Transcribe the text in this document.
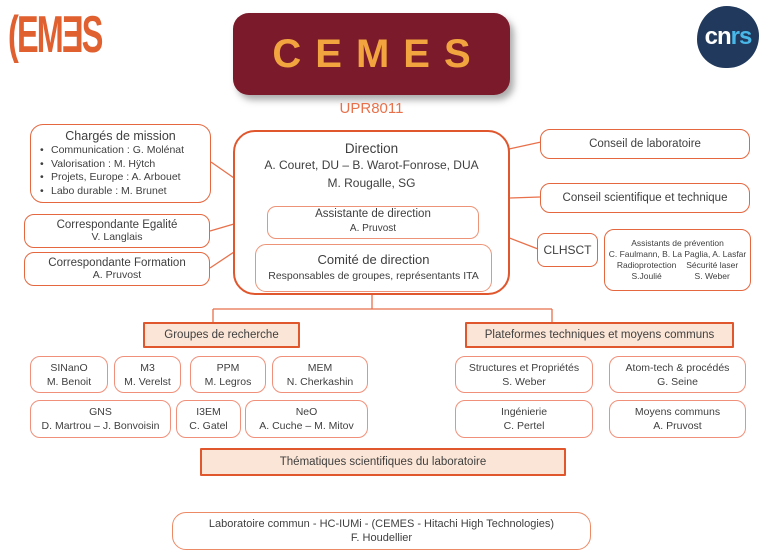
(EMƎS	CEMES
UPR8011
cn rs
Chargés de mission
• Communication : G. Molénat
• Valorisation : M. Hÿtch
• Projets, Europe : A. Arbouet
• Labo durable : M. Brunet
Correspondante Egalité
V. Langlais
Correspondante Formation
A. Pruvost
Direction
A. Couret, DU – B. Warot-Fonrose, DUA
M. Rougalle, SG
Assistante de direction
A. Pruvost
Comité de direction
Responsables de groupes, représentants ITA
Conseil de laboratoire
Conseil scientifique et technique
CLHSCT	Assistants de prévention
C. Faulmann, B. La Paglia, A. Lasfar
Radioprotection
S.Joulié
Sécurité laser
S. Weber
Groupes de recherche	Plateformes techniques et moyens communs
SINanO
M. Benoit
M3
M. Verelst
PPM
M. Legros
MEM
N. Cherkashin
GNS
D. Martrou – J. Bonvoisin
I3EM
C. Gatel
NeO
A. Cuche – M. Mitov
Structures et Propriétés
S. Weber
Atom-tech & procédés
G. Seine
Ingénierie
C. Pertel
Moyens communs
A. Pruvost
Thématiques scientifiques du laboratoire
Laboratoire commun - HC-IUMi - (CEMES - Hitachi High Technologies)
F. Houdellier
